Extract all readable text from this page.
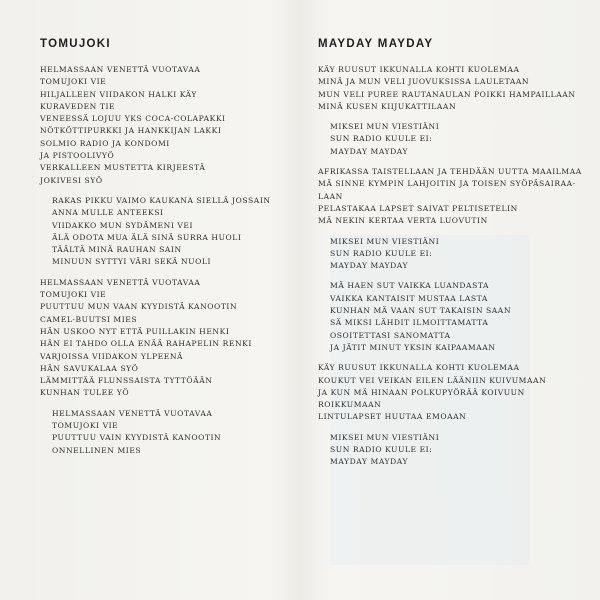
TOMUJOKI
HELMASSAAN VENETTÄ VUOTAVAA
TOMUJOKI VIE
HILJALLEEN VIIDAKON HALKI KÄY
KURAVEDEN TIE
VENEESSÄ LOJUU YKS COCA-COLAPAKKI
NÖTKÖTTIPURKKI JA HANKKIJAN LAKKI
SOLMIO RADIO JA KONDOMI
JA PISTOOLIVYÖ
VERKALLEEN MUSTETTA KIRJEESTÄ
JOKIVESI SYÖ
RAKAS PIKKU VAIMO KAUKANA SIELLÄ JOSSAIN
ANNA MULLE ANTEEKSI
VIIDAKKO MUN SYDÄMENI VEI
ÄLÄ ODOTA MUA ÄLÄ SINÄ SURRA HUOLI
TÄÄLTÄ MINÄ RAUHAN SAIN
MINUUN SYTTYI VÄRI SEKÄ NUOLI
HELMASSAAN VENETTÄ VUOTAVAA
TOMUJOKI VIE
PUUTTUU MUN VAAN KYYDISTÄ KANOOTIN
CAMEL-BUUTSI MIES
HÄN USKOO NYT ETTÄ PUILLAKIN HENKI
HÄN EI TAHDO OLLA ENÄÄ RAHAPELIN RENKI
VARJOISSA VIIDAKON YLPEENÄ
HÄN SAVUKALAA SYÖ
LÄMMITTÄÄ FLUNSSAISTA TYTTÖÄÄN
KUNHAN TULEE YÖ
HELMASSAAN VENETTÄ VUOTAVAA
TOMUJOKI VIE
PUUTTUU VAIN KYYDISTÄ KANOOTIN
ONNELLINEN MIES
MAYDAY MAYDAY
KÄY RUUSUT IKKUNALLA KOHTI KUOLEMAA
MINÄ JA MUN VELI JUOVUKSISSA LAULETAAN
MUN VELI PUREE RAUTANAULAN POIKKI HAMPAILLAAN
MINÄ KUSEN KIIJUKATTILAAN
MIKSEI MUN VIESTIÄNI
SUN RADIO KUULE EI:
MAYDAY MAYDAY
AFRIKASSA TAISTELLAAN JA TEHDÄÄN UUTTA MAAILMAA
MÄ SINNE KYMPIN LAHJOITIN JA TOISEN SYÖPÄSAIRAA-
LAAN
PELASTAKAA LAPSET SAIVAT PELTISETELIN
MÄ NEKIN KERTAA VERTA LUOVUTIN
MIKSEI MUN VIESTIÄNI
SUN RADIO KUULE EI:
MAYDAY MAYDAY
MÄ HAEN SUT VAIKKA LUANDASTA
VAIKKA KANTAISIT MUSTAA LASTA
KUNHAN MÄ VAAN SUT TAKAISIN SAAN
SÄ MIKSI LÄHDIT ILMOITTAMATTA
OSOITETTASI SANOMATTA
JA JÄTIT MINUT YKSIN KAIPAAMAAN
KÄY RUUSUT IKKUNALLA KOHTI KUOLEMAA
KOUKUT VEI VEIKAN EILEN LÄÄNIIN KUIVUMAAN
JA KUN MÄ HINAAN POLKUPYÖRÄÄ KOIVUUN
ROIKKUMAAN
LINTULAPSET HUUTAA EMOAAN
MIKSEI MUN VIESTIÄNI
SUN RADIO KUULE EI:
MAYDAY MAYDAY
